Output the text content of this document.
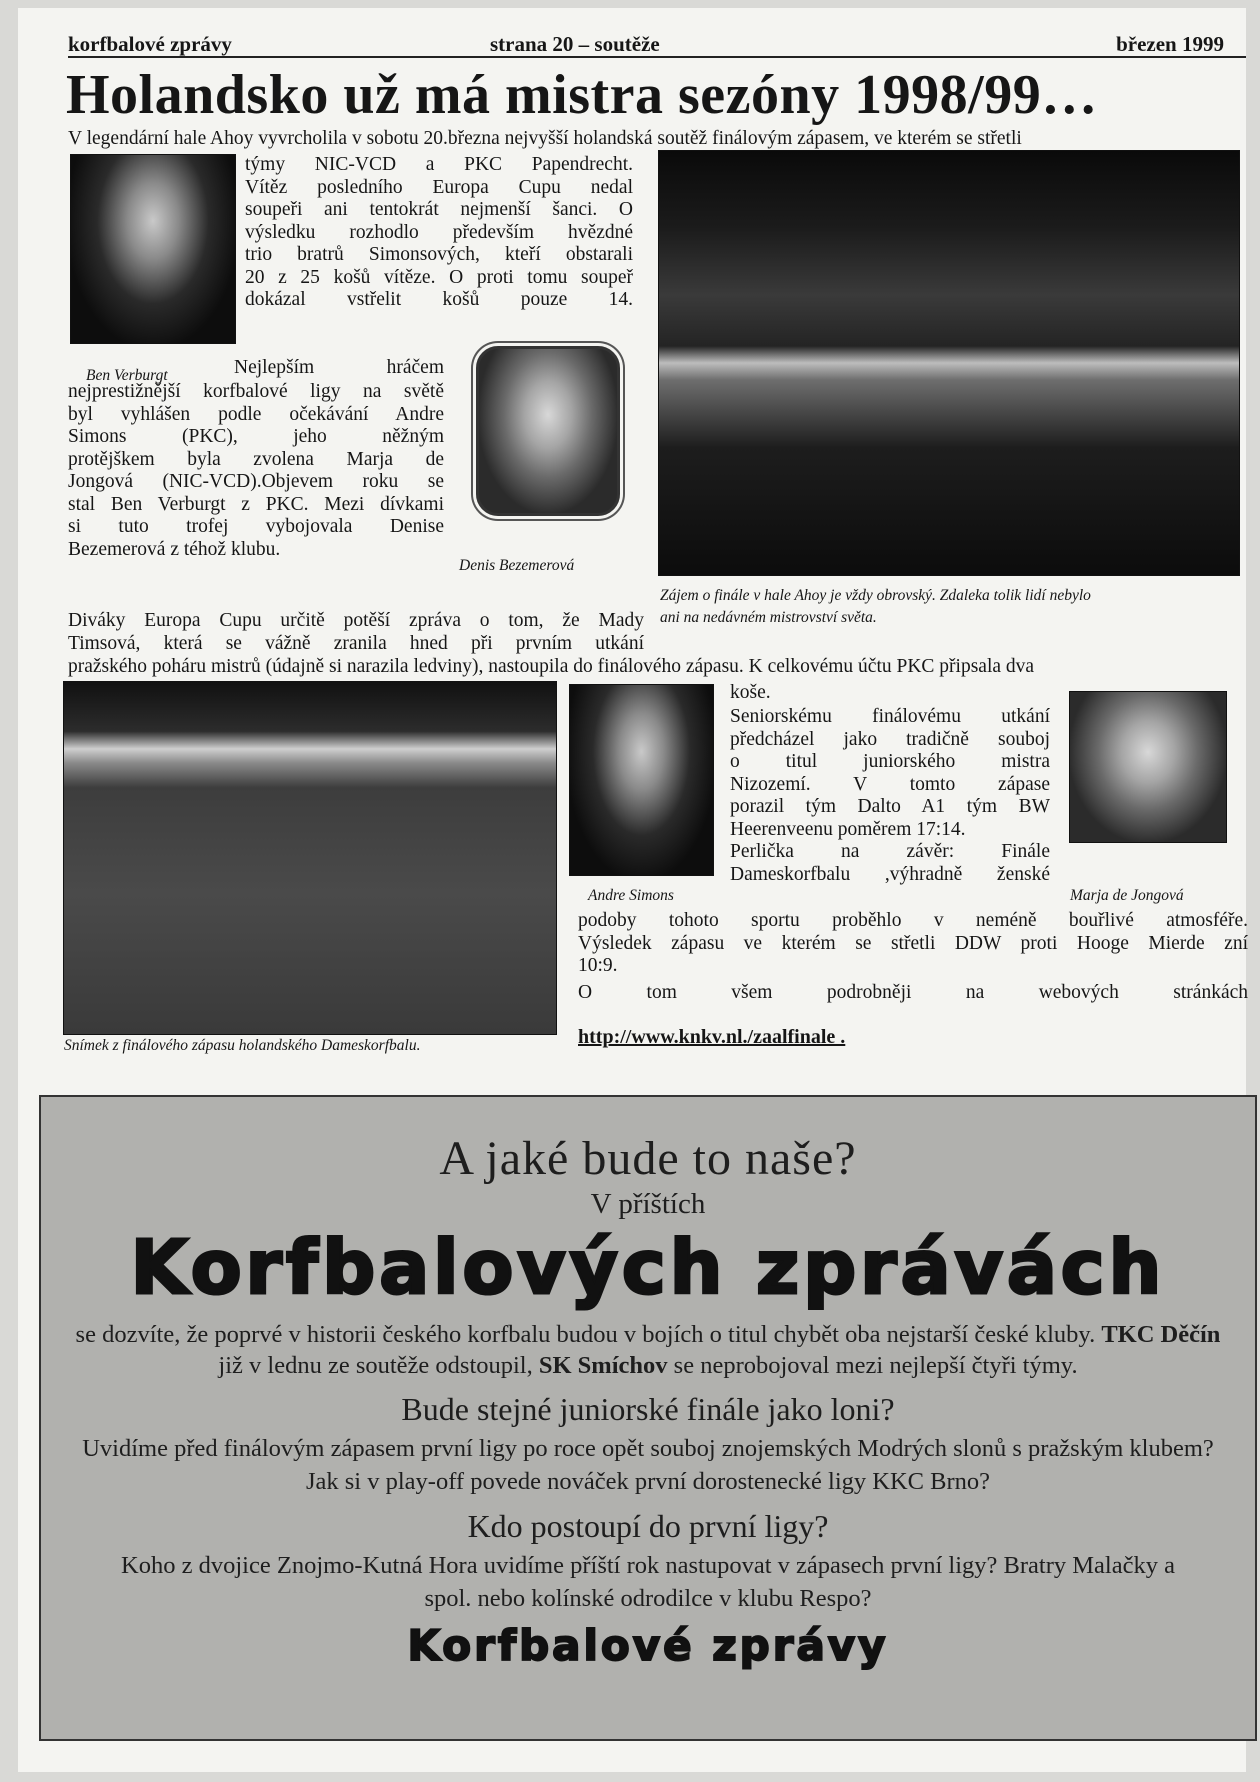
korfbalové zprávy	strana 20 – soutěže	březen 1999
Holandsko už má mistra sezóny 1998/99…
V legendární hale Ahoy vyvrcholila v sobotu 20.března nejvyšší holandská soutěž finálovým zápasem, ve kterém se střetli
Ben Verburgt
týmy NIC-VCD a PKC Papendrecht.
Vítěz posledního Europa Cupu nedal
soupeři ani tentokrát nejmenší šanci. O
výsledku rozhodlo především hvězdné
trio bratrů Simonsových, kteří obstarali
20 z 25 košů vítěze. O proti tomu soupeř
dokázal vstřelit košů pouze 14.
Denis Bezemerová
Nejlepším hráčem
nejprestižnější korfbalové ligy na světě
byl vyhlášen podle očekávání Andre
Simons (PKC), jeho něžným
protějškem byla zvolena Marja de
Jongová (NIC-VCD).Objevem roku se
stal Ben Verburgt z PKC. Mezi dívkami
si tuto trofej vybojovala Denise
Bezemerová z téhož klubu.
Zájem o finále v hale Ahoy je vždy obrovský. Zdaleka tolik lidí nebylo
ani na nedávném mistrovství světa.
Diváky Europa Cupu určitě potěší zpráva o tom, že Mady
Timsová, která se vážně zranila hned při prvním utkání
pražského poháru mistrů (údajně si narazila ledviny), nastoupila do finálového zápasu. K celkovému účtu PKC připsala dva
Snímek z finálového zápasu holandského Dameskorfbalu.
Andre Simons
koše.
Seniorskému finálovému utkání
předcházel jako tradičně souboj
o titul juniorského mistra
Nizozemí. V tomto zápase
porazil tým Dalto A1 tým BW
Heerenveenu poměrem 17:14.
Perlička na závěr: Finále
Dameskorfbalu ,výhradně ženské
Marja de Jongová
podoby tohoto sportu proběhlo v neméně bouřlivé atmosféře.
Výsledek zápasu ve kterém se střetli DDW proti Hooge Mierde zní
10:9.
O tom všem podrobněji na webových stránkách
http://www.knkv.nl./zaalfinale .
A jaké bude to naše?
V příštích
Korfbalových zprávách
se dozvíte, že poprvé v historii českého korfbalu budou v bojích o titul chybět oba nejstarší české kluby. TKC Děčín již v lednu ze soutěže odstoupil, SK Smíchov se neprobojoval mezi nejlepší čtyři týmy.
Bude stejné juniorské finále jako loni?
Uvidíme před finálovým zápasem první ligy po roce opět souboj znojemských Modrých slonů s pražským klubem? Jak si v play-off povede nováček první dorostenecké ligy KKC Brno?
Kdo postoupí do první ligy?
Koho z dvojice Znojmo-Kutná Hora uvidíme příští rok nastupovat v zápasech první ligy? Bratry Malačky a spol. nebo kolínské odrodilce v klubu Respo?
Korfbalové zprávy
